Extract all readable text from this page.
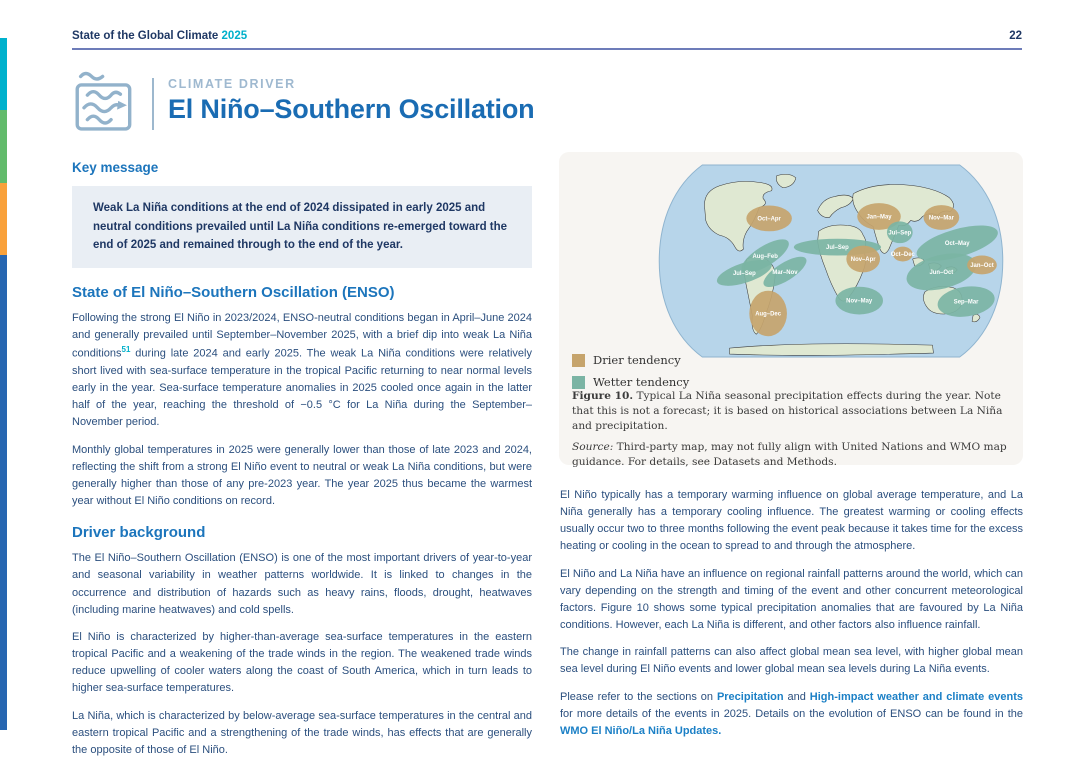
State of the Global Climate 2025	22
CLIMATE DRIVER
El Niño–Southern Oscillation
Key message
Weak La Niña conditions at the end of 2024 dissipated in early 2025 and neutral conditions prevailed until La Niña conditions re-emerged toward the end of 2025 and remained through to the end of the year.
State of El Niño–Southern Oscillation (ENSO)

Following the strong El Niño in 2023/2024, ENSO-neutral conditions began in April–June 2024 and generally prevailed until September–November 2025, with a brief dip into weak La Niña conditions$^{51}$ during late 2024 and early 2025. The weak La Niña conditions were relatively short lived with sea-surface temperature in the tropical Pacific returning to near normal levels early in the year. Sea-surface temperature anomalies in 2025 cooled once again in the latter half of the year, reaching the threshold of −0.5 °C for La Niña during the September–November period.

Monthly global temperatures in 2025 were generally lower than those of late 2023 and 2024, reflecting the shift from a strong El Niño event to neutral or weak La Niña conditions, but were generally higher than those of any pre-2023 year. The year 2025 thus became the warmest year without El Niño conditions on record.

Driver background

The El Niño–Southern Oscillation (ENSO) is one of the most important drivers of year-to-year and seasonal variability in weather patterns worldwide. It is linked to changes in the occurrence and distribution of hazards such as heavy rains, floods, drought, heatwaves (including marine heatwaves) and cold spells.

El Niño is characterized by higher-than-average sea-surface temperatures in the eastern tropical Pacific and a weakening of the trade winds in the region. The weakened trade winds reduce upwelling of cooler waters along the coast of South America, which in turn leads to higher sea-surface temperatures.

La Niña, which is characterized by below-average sea-surface temperatures in the central and eastern tropical Pacific and a strengthening of the trade winds, has effects that are generally the opposite of those of El Niño.

Oct–Apr
Jul–Sep
Aug–Feb
Mar–Nov
Aug–Dec
Jul–Sep
Nov–Apr
Nov–May
Jan–May
Jul–Sep
Oct–Dec
Nov–Mar
Oct–May
Jun–Oct
Jan–Oct
Sep–Mar
Drier tendency
Wetter tendency
Figure 10. Typical La Niña seasonal precipitation effects during the year. Note that this is not a forecast; it is based on historical associations between La Niña and precipitation.
Source: Third-party map, may not fully align with United Nations and WMO map guidance. For details, see Datasets and Methods.

El Niño typically has a temporary warming influence on global average temperature, and La Niña generally has a temporary cooling influence. The greatest warming or cooling effects usually occur two to three months following the event peak because it takes time for the excess heating or cooling in the ocean to spread to and through the atmosphere.

El Niño and La Niña have an influence on regional rainfall patterns around the world, which can vary depending on the strength and timing of the event and other concurrent meteorological factors. Figure 10 shows some typical precipitation anomalies that are favoured by La Niña conditions. However, each La Niña is different, and other factors also influence rainfall.

The change in rainfall patterns can also affect global mean sea level, with higher global mean sea level during El Niño events and lower global mean sea levels during La Niña events.

Please refer to the sections on Precipitation and High-impact weather and climate events for more details of the events in 2025. Details on the evolution of ENSO can be found in the WMO El Niño/La Niña Updates.
